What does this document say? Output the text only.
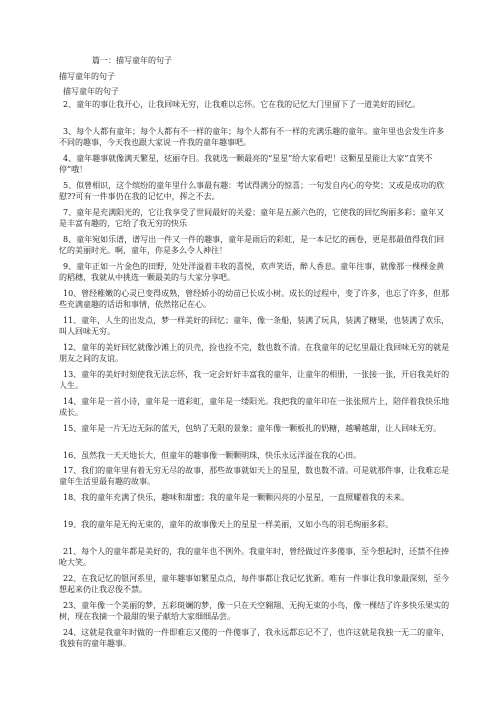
篇一：描写童年的句子
描写童年的句子
描写童年的句子

2、童年的事让我开心，让我回味无穷，让我难以忘怀。它在我的记忆大门里留下了一道美好的回忆。

3、每个人都有童年；每个人都有不一样的童年；每个人都有不一样的充满乐趣的童年。童年里也会发生许多不同的趣事，今天我也跟大家说一件我的童年趣事吧。

4、童年趣事就像满天繁星，炫丽夺目。我就选一颗最亮的“星星”给大家看吧！这颗星星能让大家“直笑不停”哦！

5、似曾相识，这个缤纷的童年里什么事最有趣：考试得满分的惊喜；一句发自内心的夸奖；又或是成功的欣慰??可有一件事仍在我的记忆中，挥之不去。

7、童年是充满阳光的，它让我享受了世间最好的关爱；童年是五颜六色的，它使我的回忆绚丽多彩；童年又是丰富有趣的，它给了我无穷的快乐

8、童年宛如乐谱，谱写出一件又一件的趣事，童年是雨后的彩虹，是一本记忆的画卷，更是那最值得我们回忆的美丽时光。啊，童年，你是多么令人神往！

9、童年正如一片金色的田野，处处洋溢着丰收的喜悦，欢声笑语，醉人香息。童年往事，就像那一棵棵金黄的稻穗，我就从中挑选一颗最美的与大家分享吧。

10、曾经稚嫩的心灵已变得成熟，曾经娇小的幼苗已长成小树。成长的过程中，变了许多，也忘了许多，但那些充满童趣的话语和事情，依然铭记在心。

11、童年，人生的出发点，梦一样美好的回忆；童年，像一条船，装满了玩具，装满了糖果，也装满了欢乐，叫人回味无穷。

12、童年的美好回忆就像沙滩上的贝壳，捡也捡不完，数也数不清。在我童年的记忆里最让我回味无穷的就是朋友之间的友谊。

13、童年的美好时刻使我无法忘怀，我一定会好好丰富我的童年，让童年的相册，一张接一张，开启我美好的人生。

14、童年是一首小诗，童年是一道彩虹，童年是一缕阳光。我把我的童年印在一张张照片上，陪伴着我快乐地成长。

15、童年是一片无边无际的蓝天，包纳了无限的景象；童年像一颗板扎的奶糖，越嚼越甜，让人回味无穷。

16、虽然我一天天地长大，但童年的趣事像一颗颗明珠，快乐永远洋溢在我的心田。

17、我们的童年里有着无穷无尽的故事，那些故事就如天上的星星，数也数不清。可是就那件事，让我难忘是童年生活里最有趣的故事。

18、我的童年充满了快乐，趣味和甜蜜；我的童年是一颗颗闪亮的小星星，一直照耀着我的未来。

19、我的童年是无拘无束的，童年的故事像天上的星星一样美丽，又如小鸟的羽毛绚丽多彩。

21、每个人的童年都是美好的，我的童年也不例外。我童年时，曾经做过许多傻事，至今想起时，还禁不住捧呛大笑。

22、在我记忆的银河系里，童年趣事如繁星点点，每件事都让我记忆犹新。唯有一件事让我印象最深刻，至今想起来仍让我忍俊不禁。

23、童年像一个美丽的梦，五彩斑斓的梦，像一只在天空翱翔、无拘无束的小鸟，像一棵结了许多快乐果实的树，现在我摘一个最甜的果子献给大家细细品尝。

24、这就是我童年时做的一件即难忘又傻的一件傻事了，我永远都忘记不了，也许这就是我独一无二的童年，我独有的童年趣事。
